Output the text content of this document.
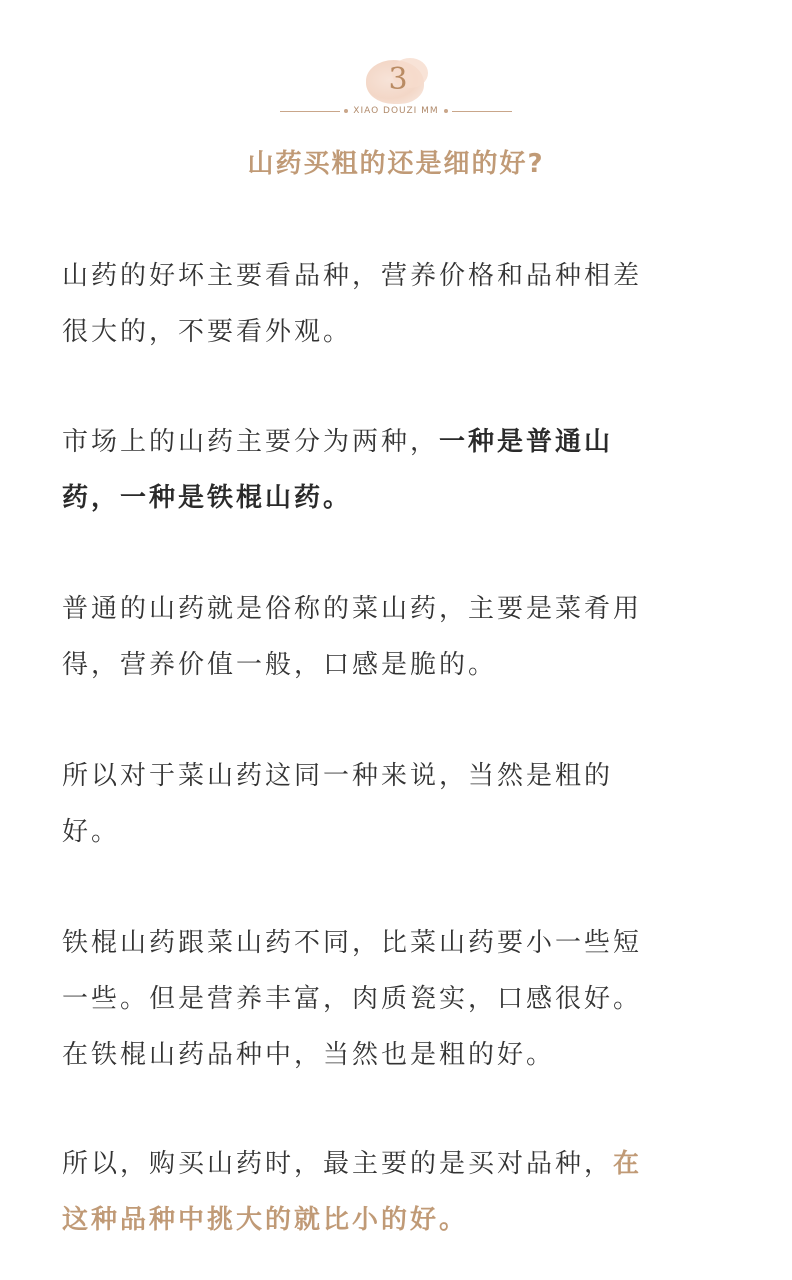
3
XIAO DOUZI MM
山药买粗的还是细的好?
山药的好坏主要看品种，营养价格和品种相差
很大的，不要看外观。
市场上的山药主要分为两种，一种是普通山
药，一种是铁棍山药。
普通的山药就是俗称的菜山药，主要是菜肴用
得，营养价值一般，口感是脆的。
所以对于菜山药这同一种来说，当然是粗的
好。
铁棍山药跟菜山药不同，比菜山药要小一些短
一些。但是营养丰富，肉质瓷实，口感很好。
在铁棍山药品种中，当然也是粗的好。
所以，购买山药时，最主要的是买对品种，在
这种品种中挑大的就比小的好。
